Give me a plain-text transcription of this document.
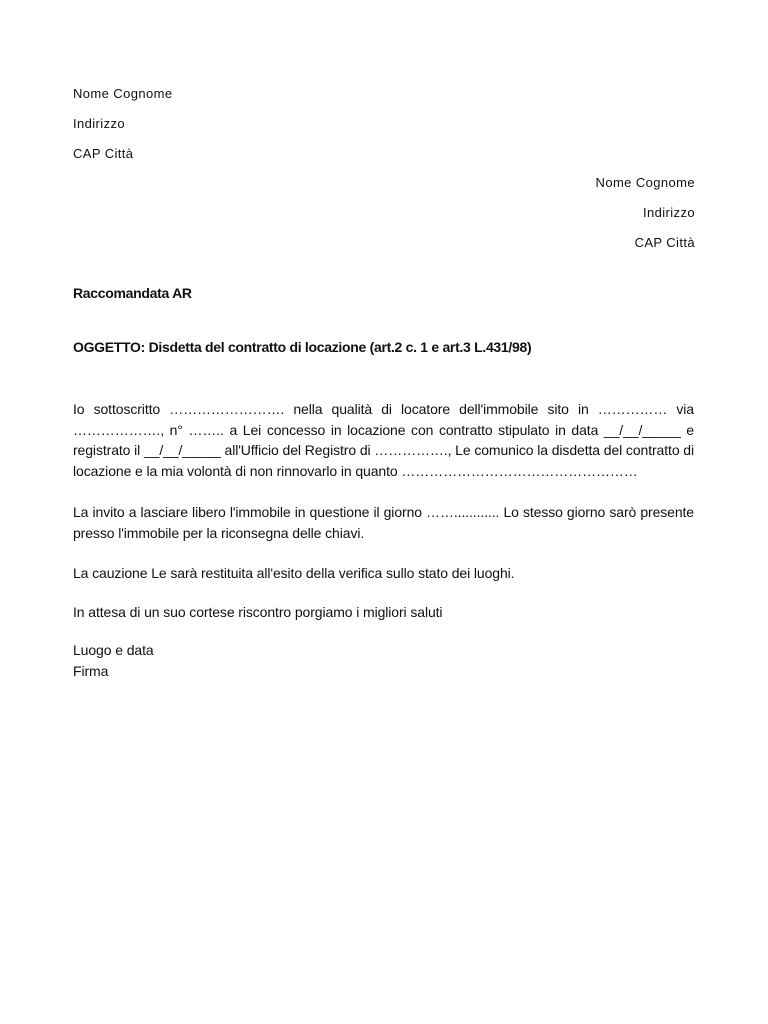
Nome Cognome

Indirizzo

CAP Città

Nome Cognome

Indirizzo

CAP Città

Raccomandata AR

OGGETTO: Disdetta del contratto di locazione (art.2 c. 1 e art.3 L.431/98)

Io sottoscritto ……………………. nella qualità di locatore dell'immobile sito in …………… via ………………., n° …….. a Lei concesso in locazione con contratto stipulato in data __/__/_____ e registrato il __/__/_____ all'Ufficio del Registro di ……………., Le comunico la disdetta del contratto di locazione e la mia volontà di non rinnovarlo in quanto ……………………………………………

La invito a lasciare libero l'immobile in questione il giorno ……............ Lo stesso giorno sarò presente presso l'immobile per la riconsegna delle chiavi.

La cauzione Le sarà restituita all'esito della verifica sullo stato dei luoghi.

In attesa di un suo cortese riscontro porgiamo i migliori saluti

Luogo e data

Firma
